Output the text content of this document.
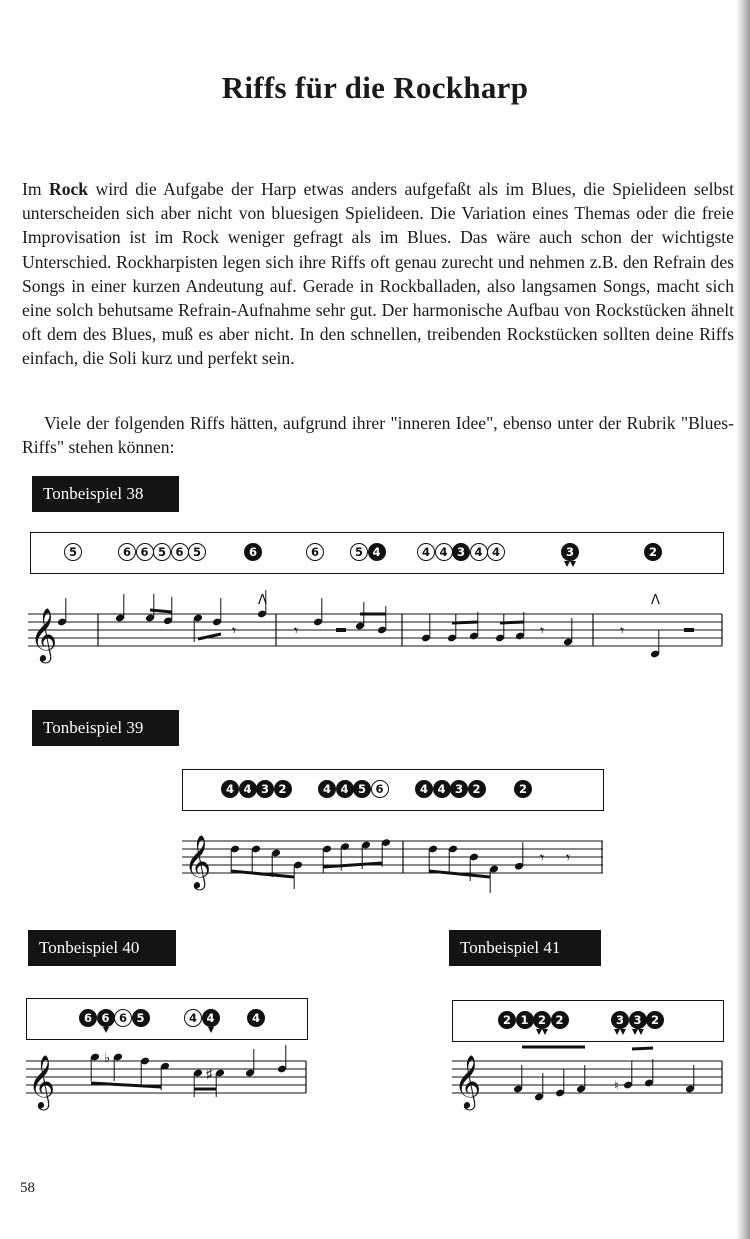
Riffs für die Rockharp

Im Rock wird die Aufgabe der Harp etwas anders aufgefaßt als im Blues, die Spielideen selbst unterscheiden sich aber nicht von bluesigen Spielideen. Die Variation eines Themas oder die freie Improvisation ist im Rock weniger gefragt als im Blues. Das wäre auch schon der wichtigste Unterschied. Rockharpisten legen sich ihre Riffs oft genau zurecht und nehmen z.B. den Refrain des Songs in einer kurzen Andeutung auf. Gerade in Rockballaden, also langsamen Songs, macht sich eine solch behutsame Refrain-Aufnahme sehr gut. Der harmonische Aufbau von Rockstücken ähnelt oft dem des Blues, muß es aber nicht. In den schnellen, treibenden Rockstücken sollten deine Riffs einfach, die Soli kurz und perfekt sein.

Viele der folgenden Riffs hätten, aufgrund ihrer "inneren Idee", ebenso unter der Rubrik "Blues-Riffs" stehen können:

Tonbeispiel 38
5	6 6 5 6 5	6	6	5 4	4 4 3 4 4	3	2
𝄞
Λ	Λ
𝄾	𝄾	𝄾	𝄾
Tonbeispiel 39
4 4 3 2	4 4 5 6	4 4 3 2	2
𝄞	𝄾 𝄾
Tonbeispiel 40
6 6 6 5	4 4	4
𝄞	♭
♯
Tonbeispiel 41
2 1 2 2	3 3 2
𝄞	♮
58
